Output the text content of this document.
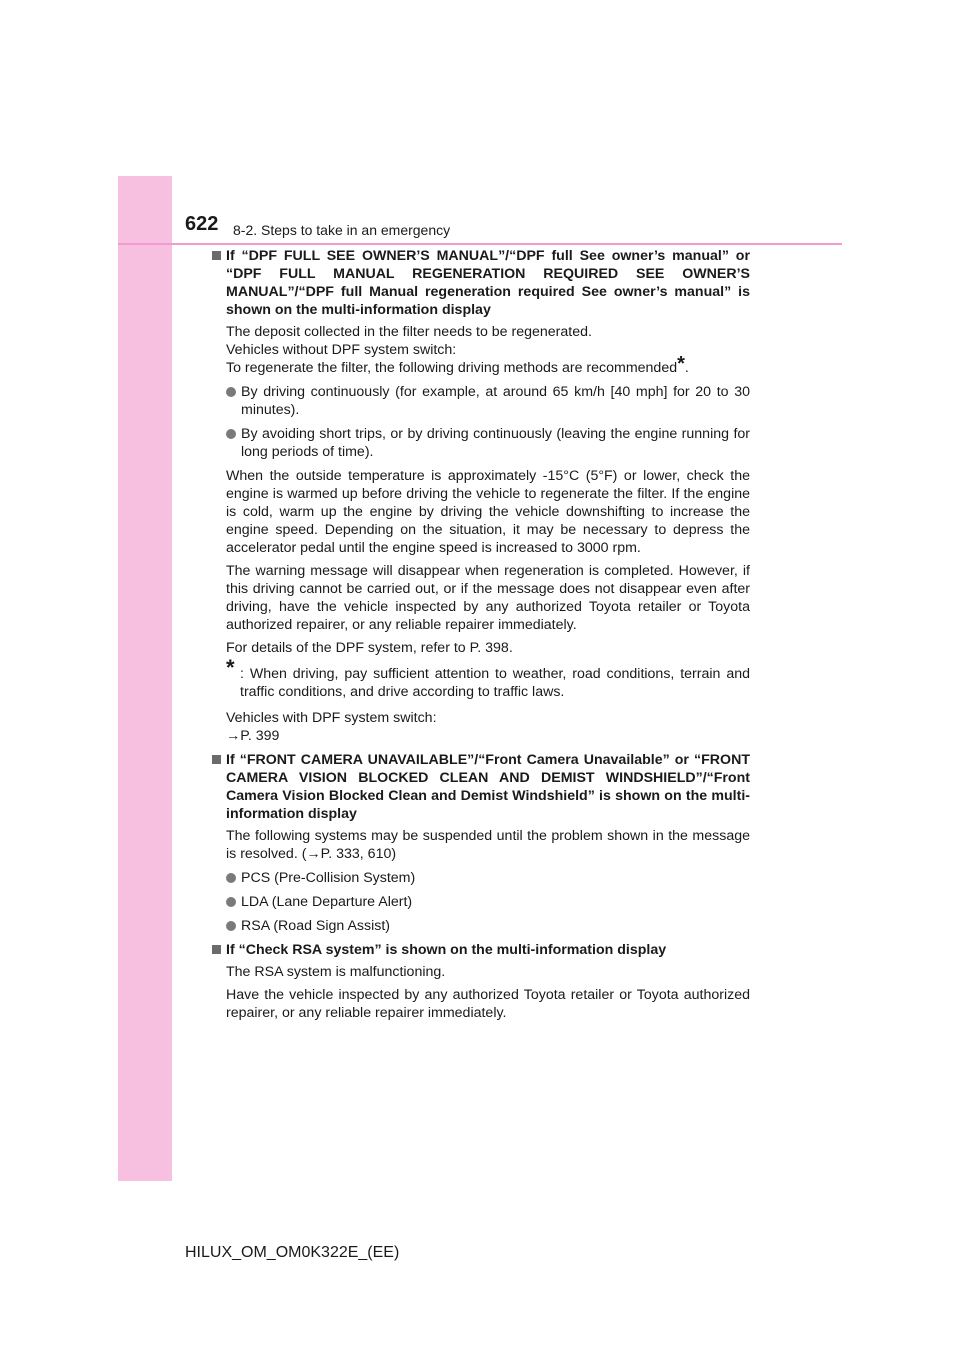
622 8-2. Steps to take in an emergency
If “DPF FULL SEE OWNER’S MANUAL”/“DPF full See owner’s manual” or “DPF FULL MANUAL REGENERATION REQUIRED SEE OWNER’S MANUAL”/“DPF full Manual regeneration required See owner’s manual” is shown on the multi-information display
The deposit collected in the filter needs to be regenerated.
Vehicles without DPF system switch:
To regenerate the filter, the following driving methods are recommended*.
By driving continuously (for example, at around 65 km/h [40 mph] for 20 to 30 minutes).
By avoiding short trips, or by driving continuously (leaving the engine running for long periods of time).
When the outside temperature is approximately -15°C (5°F) or lower, check the engine is warmed up before driving the vehicle to regenerate the filter. If the engine is cold, warm up the engine by driving the vehicle downshifting to increase the engine speed. Depending on the situation, it may be necessary to depress the accelerator pedal until the engine speed is increased to 3000 rpm.
The warning message will disappear when regeneration is completed. However, if this driving cannot be carried out, or if the message does not disappear even after driving, have the vehicle inspected by any authorized Toyota retailer or Toyota authorized repairer, or any reliable repairer immediately.
For details of the DPF system, refer to P. 398.
* : When driving, pay sufficient attention to weather, road conditions, terrain and traffic conditions, and drive according to traffic laws.
Vehicles with DPF system switch:
→P. 399
If “FRONT CAMERA UNAVAILABLE”/“Front Camera Unavailable” or “FRONT CAMERA VISION BLOCKED CLEAN AND DEMIST WINDSHIELD”/“Front Camera Vision Blocked Clean and Demist Windshield” is shown on the multi-information display
The following systems may be suspended until the problem shown in the message is resolved. (→P. 333, 610)
PCS (Pre-Collision System)
LDA (Lane Departure Alert)
RSA (Road Sign Assist)
If “Check RSA system” is shown on the multi-information display
The RSA system is malfunctioning.
Have the vehicle inspected by any authorized Toyota retailer or Toyota authorized repairer, or any reliable repairer immediately.
HILUX_OM_OM0K322E_(EE)
